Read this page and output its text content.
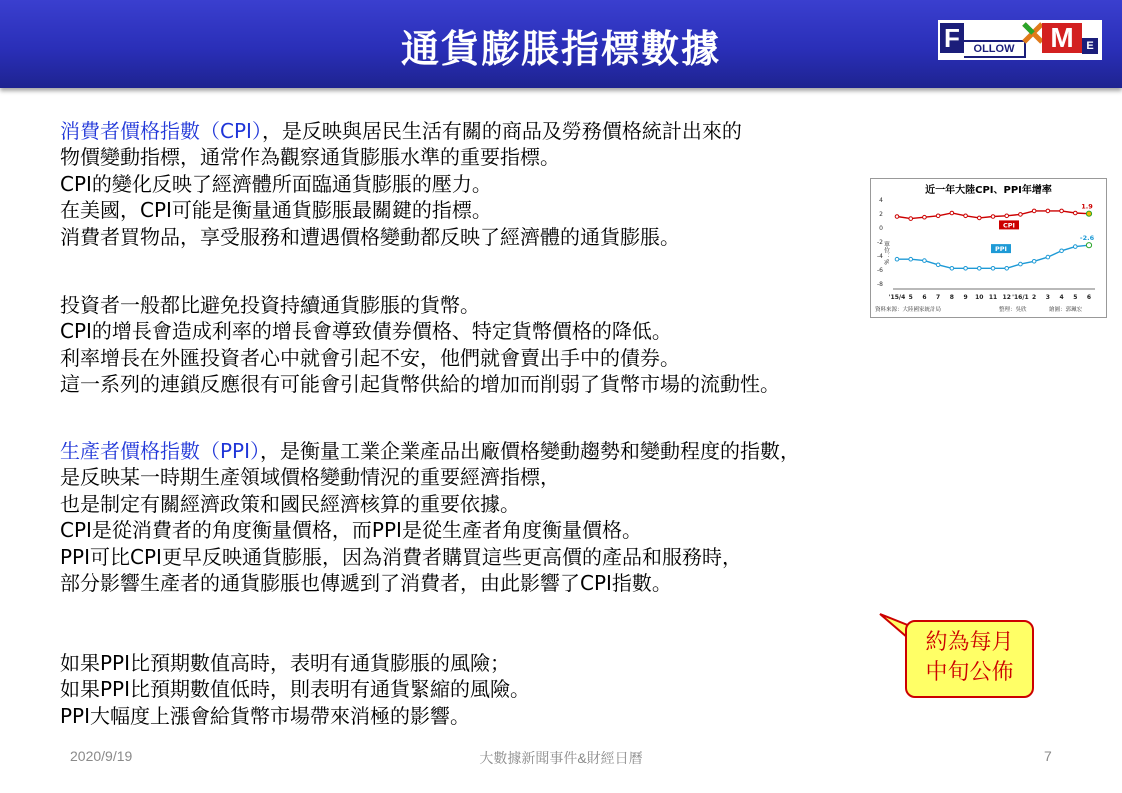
通貨膨脹指標數據	F	OLLOW	M	E
消費者價格指數（CPI），是反映與居民生活有關的商品及勞務價格統計出來的
物價變動指標，通常作為觀察通貨膨脹水準的重要指標。
CPI的變化反映了經濟體所面臨通貨膨脹的壓力。
在美國，CPI可能是衡量通貨膨脹最關鍵的指標。
消費者買物品，享受服務和遭遇價格變動都反映了經濟體的通貨膨脹。
投資者一般都比避免投資持續通貨膨脹的貨幣。
CPI的增長會造成利率的增長會導致債券價格、特定貨幣價格的降低。
利率增長在外匯投資者心中就會引起不安，他們就會賣出手中的債券。
這一系列的連鎖反應很有可能會引起貨幣供給的增加而削弱了貨幣市場的流動性。
生產者價格指數（PPI），是衡量工業企業產品出廠價格變動趨勢和變動程度的指數，
是反映某一時期生產領域價格變動情況的重要經濟指標，
也是制定有關經濟政策和國民經濟核算的重要依據。
CPI是從消費者的角度衡量價格，而PPI是從生產者角度衡量價格。
PPI可比CPI更早反映通貨膨脹，因為消費者購買這些更高價的產品和服務時，
部分影響生產者的通貨膨脹也傳遞到了消費者，由此影響了CPI指數。
如果PPI比預期數值高時，表明有通貨膨脹的風險；
如果PPI比預期數值低時，則表明有通貨緊縮的風險。
PPI大幅度上漲會給貨幣市場帶來消極的影響。
近一年大陸CPI、PPI年增率
4
2
0
-2
-4
-6
-8
單位：%
'15/4 5 6 7 8 9 10 11 12 '16/1 2 3 4 5 6
1.9
CPI
-2.6
PPI
資料來源：大陸國家統計局	整理：吳欣	繪圖：郭珮宏
約為每月
中旬公佈
2020/9/19	大數據新聞事件&財經日曆	7
